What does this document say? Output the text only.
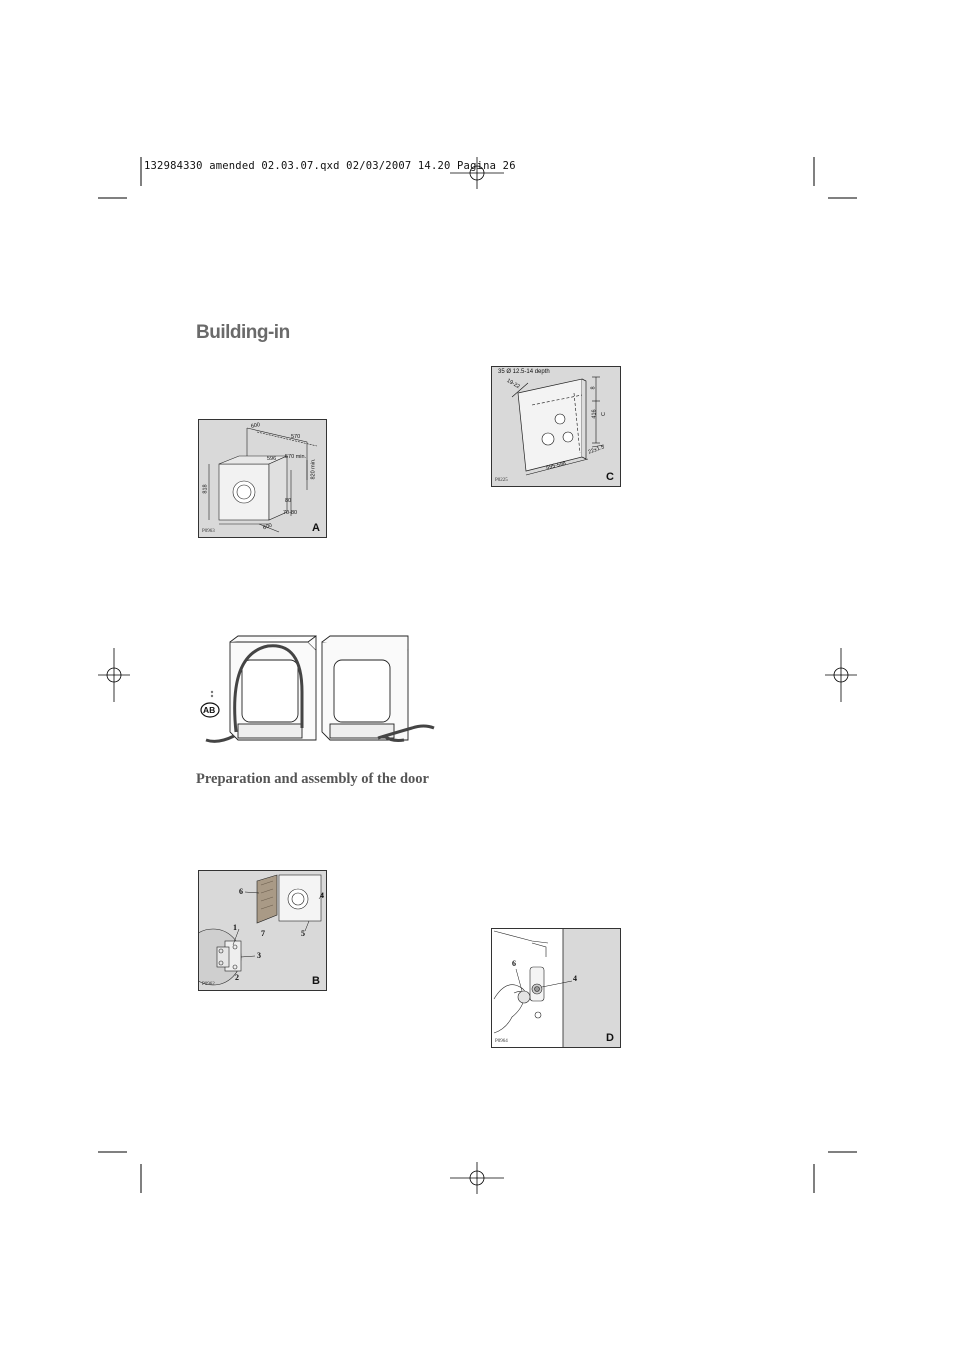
132984330 amended 02.03.07.qxd 02/03/2007 14.20 Pagina 26
Building-in
600
570
596 570 min.
820 min.
818
80
70-80
600
P0963	A
AB
Preparation and assembly of the door
6	4
5
1
7
3
2
P0962	B
35 Ø 12.5-14 depth
19-22	8
416 C
22±1.5
595-598
P0225	C
6
4
P0964	D
